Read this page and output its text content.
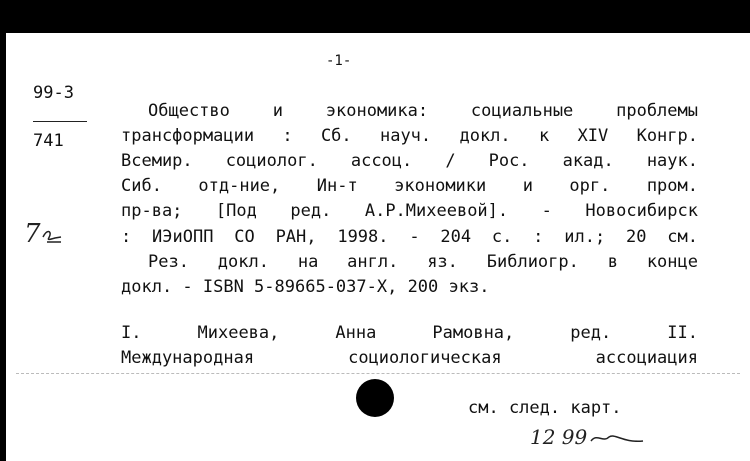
-1-
99-3
741
7
Общество и экономика: социальные проблемы
трансформации : Сб. науч. докл. к XIV Конгр.
Всемир. социолог. ассоц. / Рос. акад. наук.
Сиб. отд-ние, Ин-т экономики и орг. пром.
пр-ва; [Под ред. А.Р.Михеевой]. - Новосибирск
: ИЭиОПП СО РАН, 1998. - 204 с. : ил.; 20 см.
Рез. докл. на англ. яз. Библиогр. в конце
докл. - ISBN 5-89665-037-X, 200 экз.
I. Михеева, Анна Рамовна, ред. II.
Международная социологическая ассоциация
см. след. карт.
12 99
